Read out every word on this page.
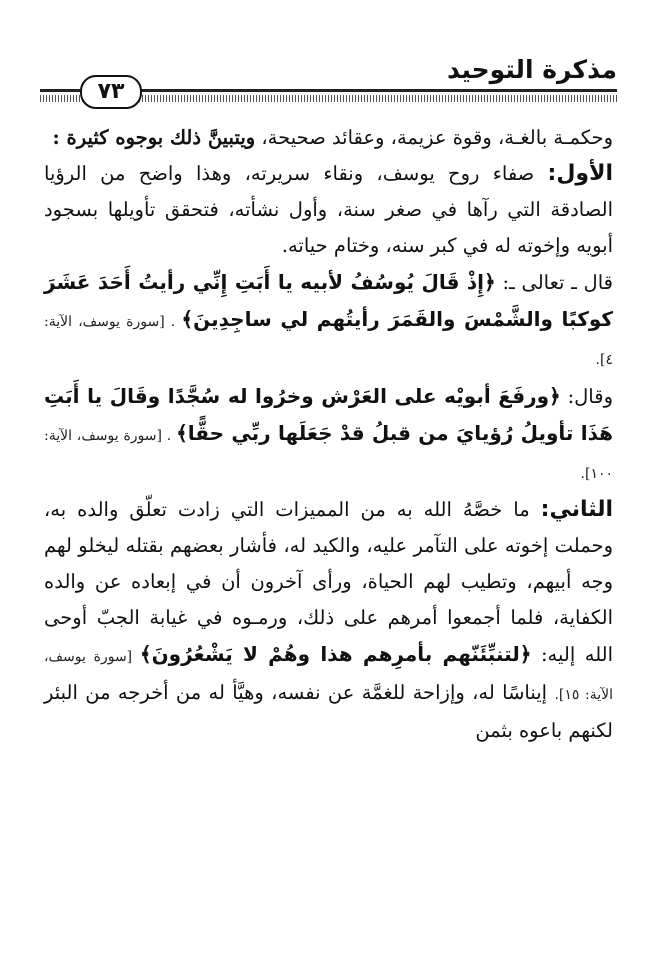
مذكرة التوحيد
٧٣

وحكمـة بالغـة، وقوة عزيمة، وعقائد صحيحة، ويتبينَّ ذلك بوجوه كثيرة :

الأول: صفاء روح يوسف، ونقاء سريرته، وهذا واضح من الرؤيا الصادقة التي رآها في صغر سنة، وأول نشأته، فتحقق تأويلها بسجود أبويه وإخوته له في كبر سنه، وختام حياته.

قال ـ تعالى ـ: ﴿إِذْ قَالَ يُوسُفُ لأبيه يا أَبَتِ إِنِّي رأيتُ أَحَدَ عَشَرَ كوكبًا والشَّمْسَ والقَمَرَ رأيتُهم لي ساجِدِينَ﴾ . [سورة يوسف، الآية: ٤].

وقال: ﴿ورفَعَ أبويْه على العَرْش وخرُوا له سُجَّدًا وقَالَ يا أَبَتِ هَذَا تأويلُ رُؤيايَ من قبلُ قدْ جَعَلَها ربِّي حقًّا﴾ . [سورة يوسف، الآية: ١٠٠].

الثاني: ما خصَّهُ الله به من المميزات التي زادت تعلّق والده به، وحملت إخوته على التآمر عليه، والكيد له، فأشار بعضهم بقتله ليخلو لهم وجه أبيهم، وتطيب لهم الحياة، ورأى آخرون أن في إبعاده عن والده الكفاية، فلما أجمعوا أمرهم على ذلك، ورمـوه في غيابة الجبّ أوحى الله إليه: ﴿لتنبِّئَنّهم بأمرِهم هذا وهُمْ لا يَشْعُرُونَ﴾ [سورة يوسف، الآية: ١٥]. إيناسًا له، وإزاحة للغمَّة عن نفسه، وهيَّأ له من أخرجه من البئر لكنهم باعوه بثمن
